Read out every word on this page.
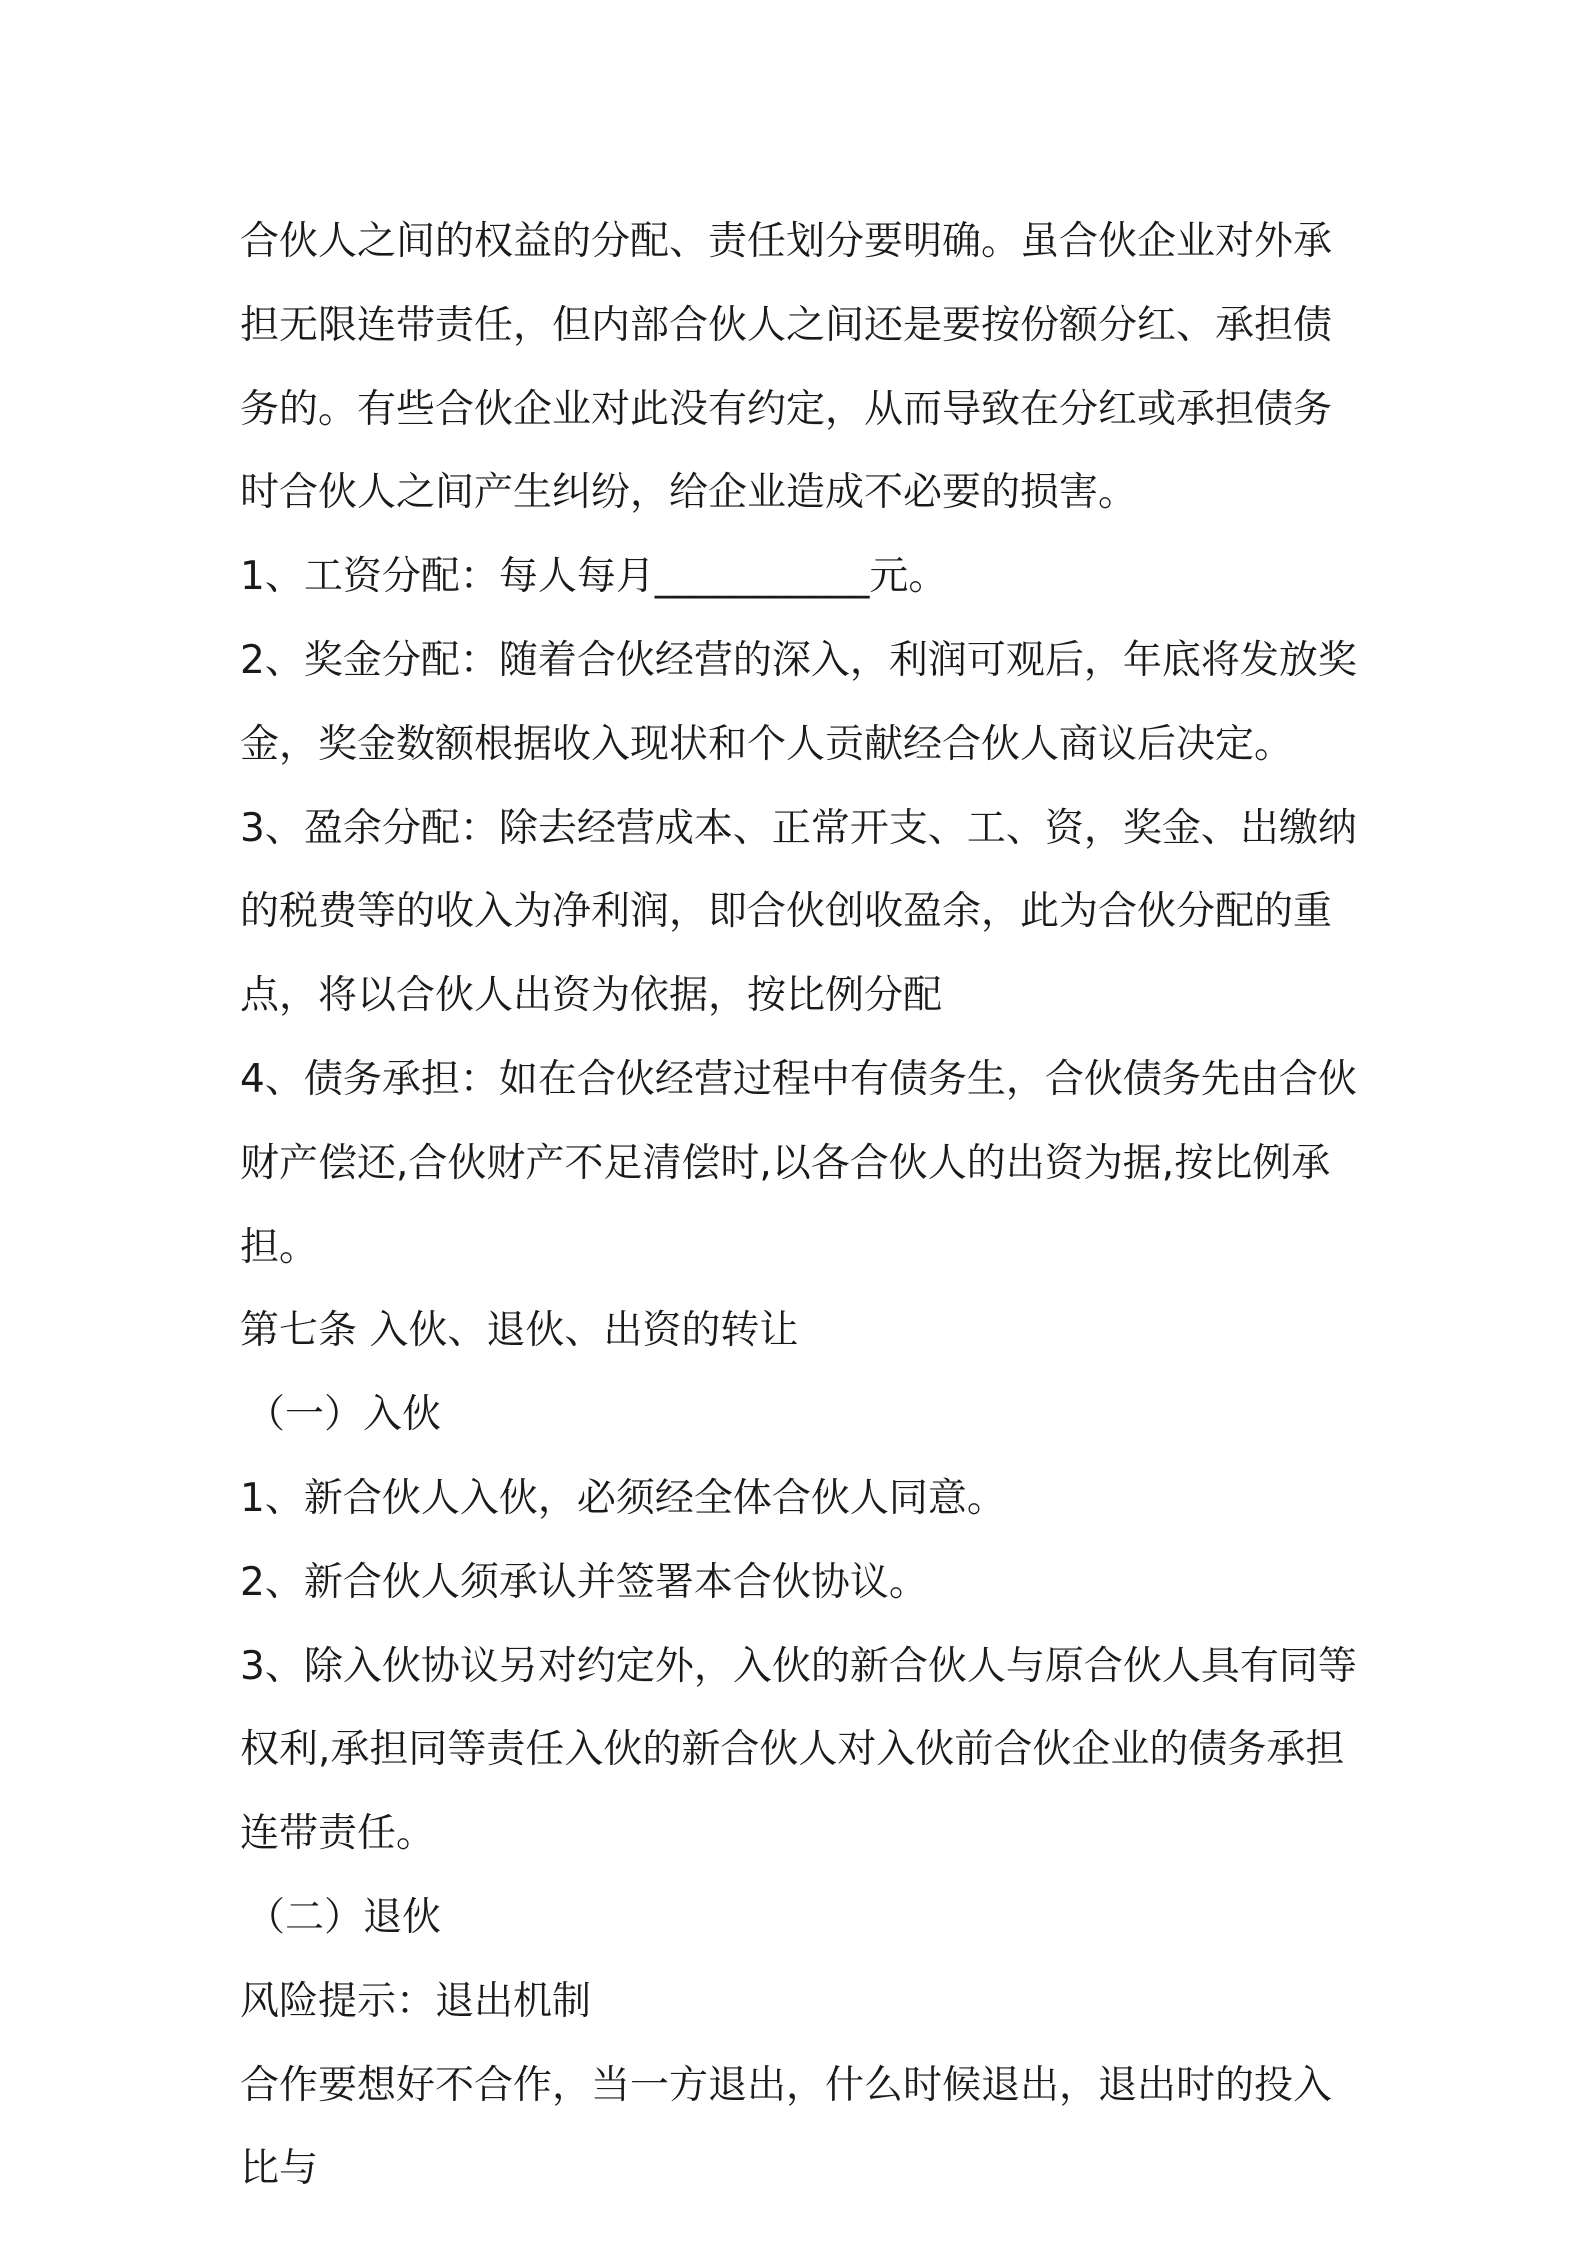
合伙人之间的权益的分配、责任划分要明确。虽合伙企业对外承担无限连带责任，但内部合伙人之间还是要按份额分红、承担债务的。有些合伙企业对此没有约定，从而导致在分红或承担债务时合伙人之间产生纠纷，给企业造成不必要的损害。

1、工资分配：每人每月___________元。

2、奖金分配：随着合伙经营的深入，利润可观后，年底将发放奖金，奖金数额根据收入现状和个人贡献经合伙人商议后决定。

3、盈余分配：除去经营成本、正常开支、工、资，奖金、岀缴纳的税费等的收入为净利润，即合伙创收盈余，此为合伙分配的重点，将以合伙人出资为依据，按比例分配

4、债务承担：如在合伙经营过程中有债务生，合伙债务先由合伙财产偿还,合伙财产不足清偿时,以各合伙人的出资为据,按比例承担。

第七条 入伙、退伙、出资的转让

（一）入伙

1、新合伙人入伙，必须经全体合伙人同意。

2、新合伙人须承认并签署本合伙协议。

3、除入伙协议另对约定外，入伙的新合伙人与原合伙人具有同等权利,承担同等责任入伙的新合伙人对入伙前合伙企业的债务承担连带责任。

（二）退伙

风险提示：退出机制

合作要想好不合作，当一方退出，什么时候退出，退出时的投入比与
